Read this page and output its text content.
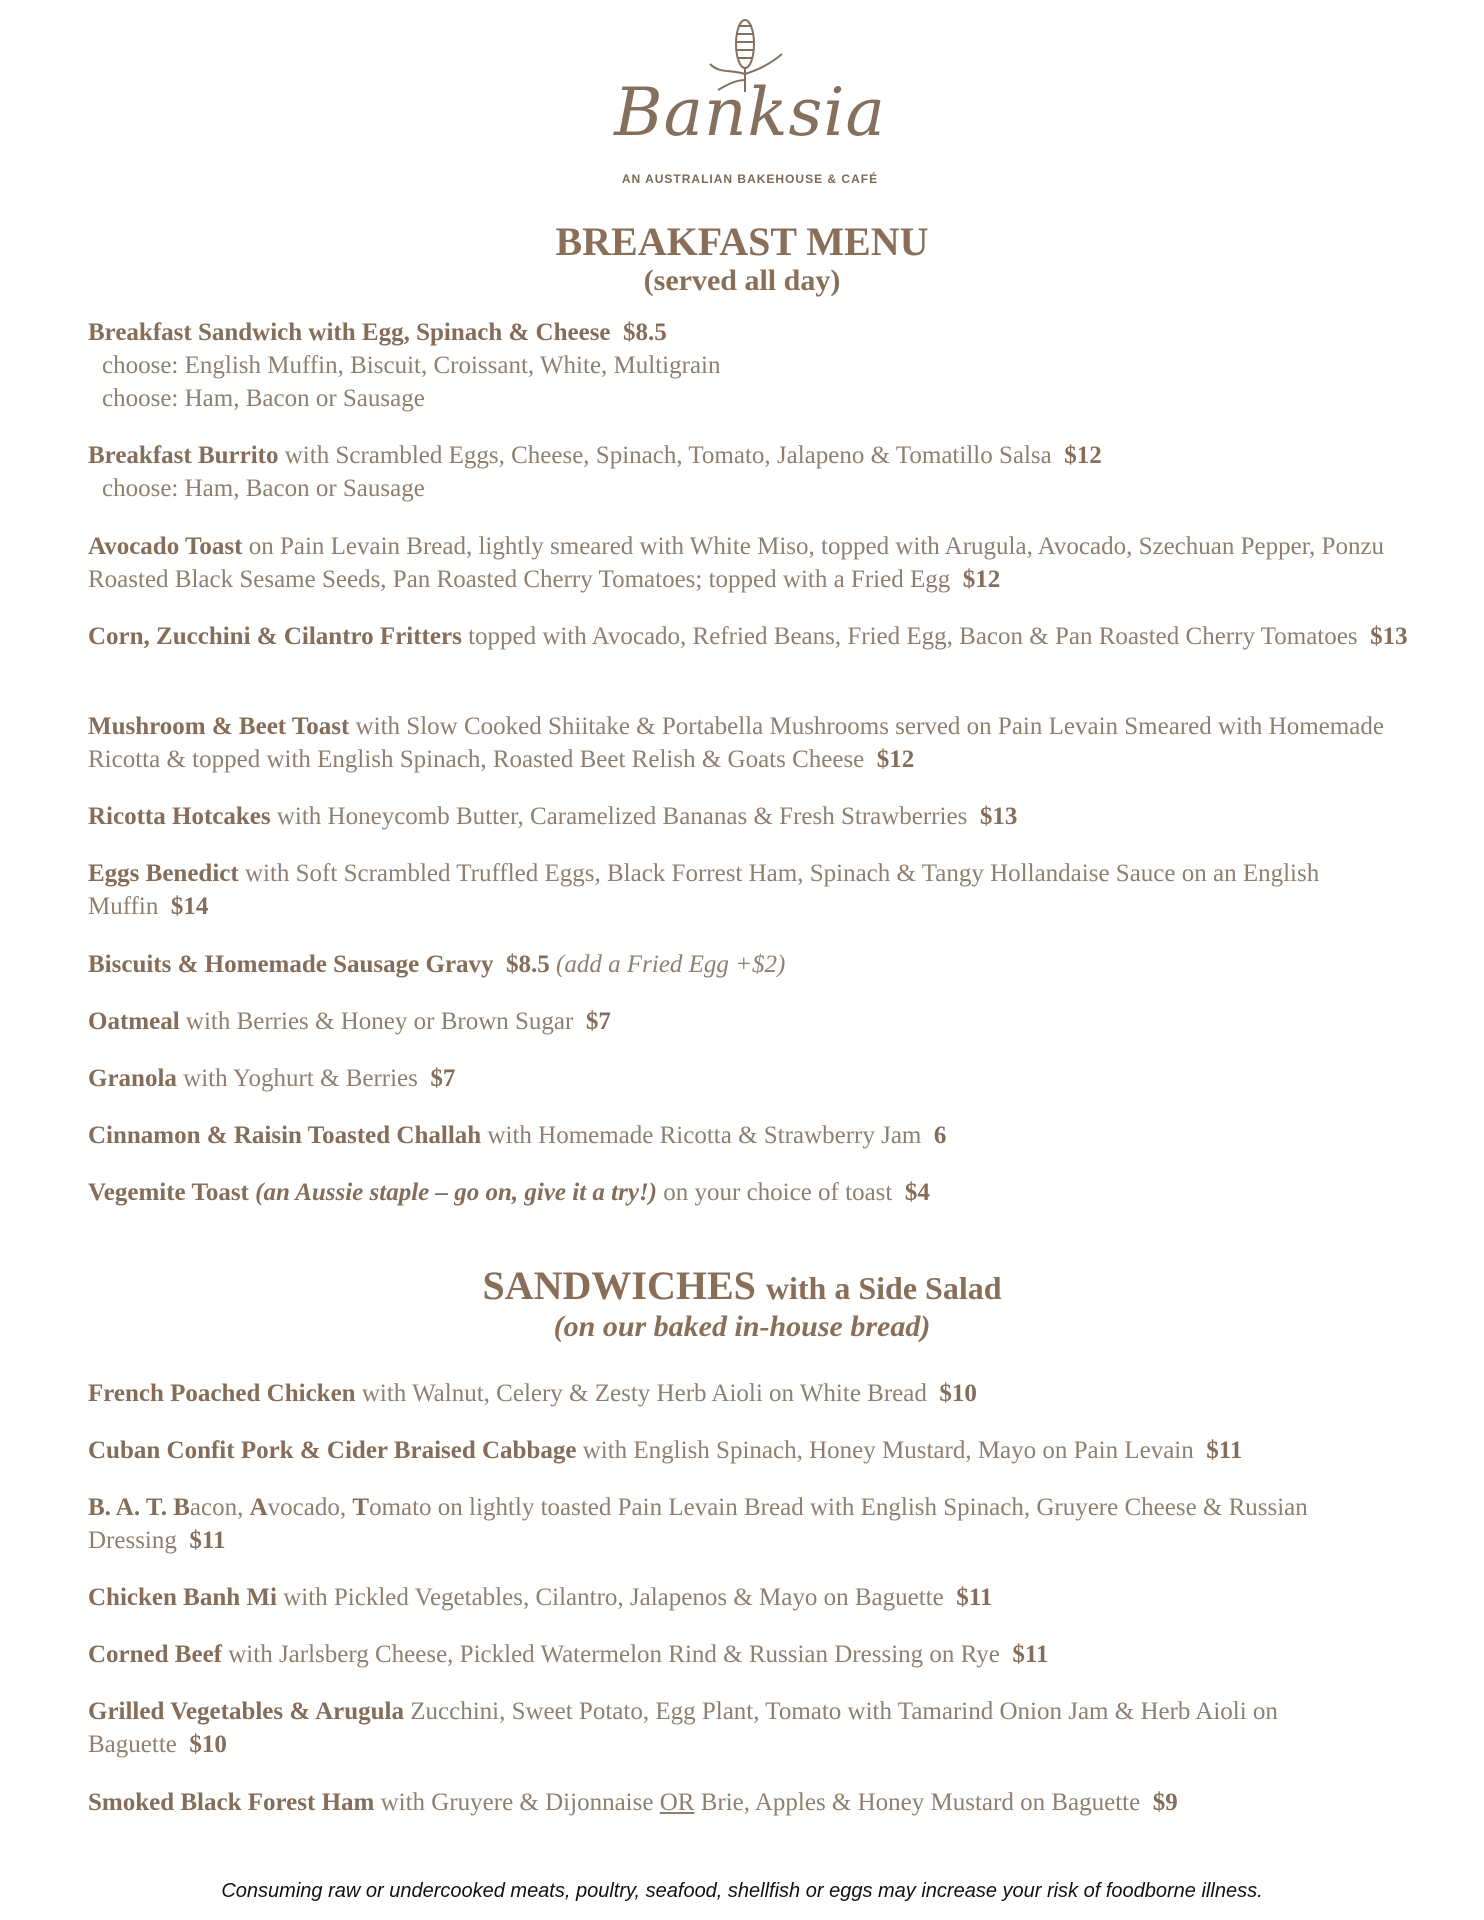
Banksia
AN AUSTRALIAN BAKEHOUSE & CAFÉ
BREAKFAST MENU
(served all day)
Breakfast Sandwich with Egg, Spinach & Cheese $8.5
choose: English Muffin, Biscuit, Croissant, White, Multigrain
choose: Ham, Bacon or Sausage
Breakfast Burrito with Scrambled Eggs, Cheese, Spinach, Tomato, Jalapeno & Tomatillo Salsa $12
choose: Ham, Bacon or Sausage
Avocado Toast on Pain Levain Bread, lightly smeared with White Miso, topped with Arugula, Avocado, Szechuan Pepper, Ponzu Roasted Black Sesame Seeds, Pan Roasted Cherry Tomatoes; topped with a Fried Egg $12
Corn, Zucchini & Cilantro Fritters topped with Avocado, Refried Beans, Fried Egg, Bacon & Pan Roasted Cherry Tomatoes $13
Mushroom & Beet Toast with Slow Cooked Shiitake & Portabella Mushrooms served on Pain Levain Smeared with Homemade Ricotta & topped with English Spinach, Roasted Beet Relish & Goats Cheese $12
Ricotta Hotcakes with Honeycomb Butter, Caramelized Bananas & Fresh Strawberries $13
Eggs Benedict with Soft Scrambled Truffled Eggs, Black Forrest Ham, Spinach & Tangy Hollandaise Sauce on an English Muffin $14
Biscuits & Homemade Sausage Gravy $8.5 (add a Fried Egg +$2)
Oatmeal with Berries & Honey or Brown Sugar $7
Granola with Yoghurt & Berries $7
Cinnamon & Raisin Toasted Challah with Homemade Ricotta & Strawberry Jam 6
Vegemite Toast (an Aussie staple – go on, give it a try!) on your choice of toast $4
SANDWICHES with a Side Salad
(on our baked in-house bread)
French Poached Chicken with Walnut, Celery & Zesty Herb Aioli on White Bread $10
Cuban Confit Pork & Cider Braised Cabbage with English Spinach, Honey Mustard, Mayo on Pain Levain $11
B. A. T. Bacon, Avocado, Tomato on lightly toasted Pain Levain Bread with English Spinach, Gruyere Cheese & Russian Dressing $11
Chicken Banh Mi with Pickled Vegetables, Cilantro, Jalapenos & Mayo on Baguette $11
Corned Beef with Jarlsberg Cheese, Pickled Watermelon Rind & Russian Dressing on Rye $11
Grilled Vegetables & Arugula Zucchini, Sweet Potato, Egg Plant, Tomato with Tamarind Onion Jam & Herb Aioli on Baguette $10
Smoked Black Forest Ham with Gruyere & Dijonnaise OR Brie, Apples & Honey Mustard on Baguette $9
Consuming raw or undercooked meats, poultry, seafood, shellfish or eggs may increase your risk of foodborne illness.
